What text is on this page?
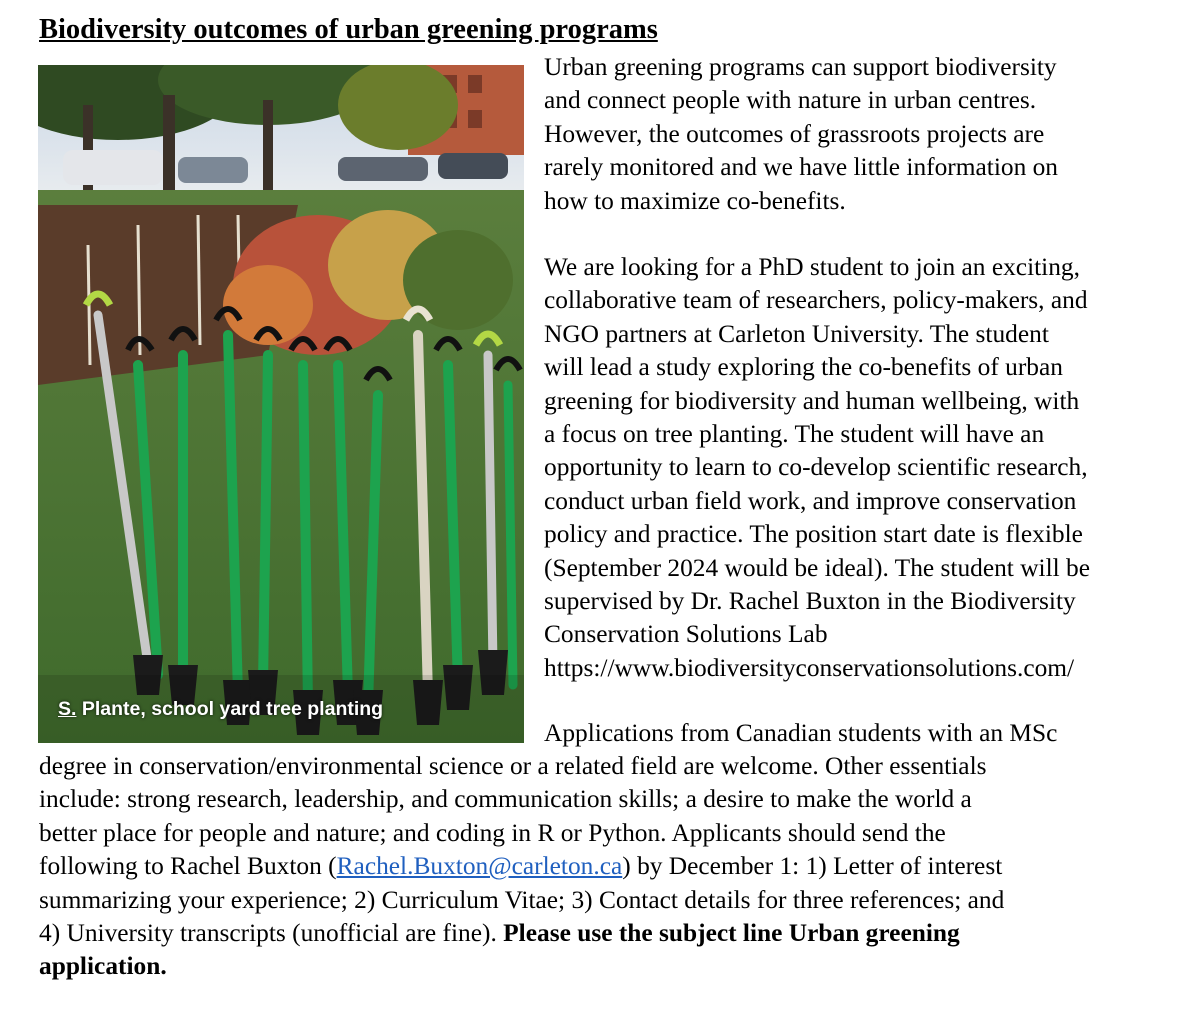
Biodiversity outcomes of urban greening programs
S. Plante, school yard tree planting
Urban greening programs can support biodiversity
and connect people with nature in urban centres.
However, the outcomes of grassroots projects are
rarely monitored and we have little information on
how to maximize co-benefits.
We are looking for a PhD student to join an exciting,
collaborative team of researchers, policy-makers, and
NGO partners at Carleton University. The student
will lead a study exploring the co-benefits of urban
greening for biodiversity and human wellbeing, with
a focus on tree planting. The student will have an
opportunity to learn to co-develop scientific research,
conduct urban field work, and improve conservation
policy and practice. The position start date is flexible
(September 2024 would be ideal). The student will be
supervised by Dr. Rachel Buxton in the Biodiversity
Conservation Solutions Lab
https://www.biodiversityconservationsolutions.com/
Applications from Canadian students with an MSc
degree in conservation/environmental science or a related field are welcome. Other essentials
include: strong research, leadership, and communication skills; a desire to make the world a
better place for people and nature; and coding in R or Python. Applicants should send the
following to Rachel Buxton (Rachel.Buxton@carleton.ca) by December 1: 1) Letter of interest
summarizing your experience; 2) Curriculum Vitae; 3) Contact details for three references; and
4) University transcripts (unofficial are fine). Please use the subject line Urban greening
application.
